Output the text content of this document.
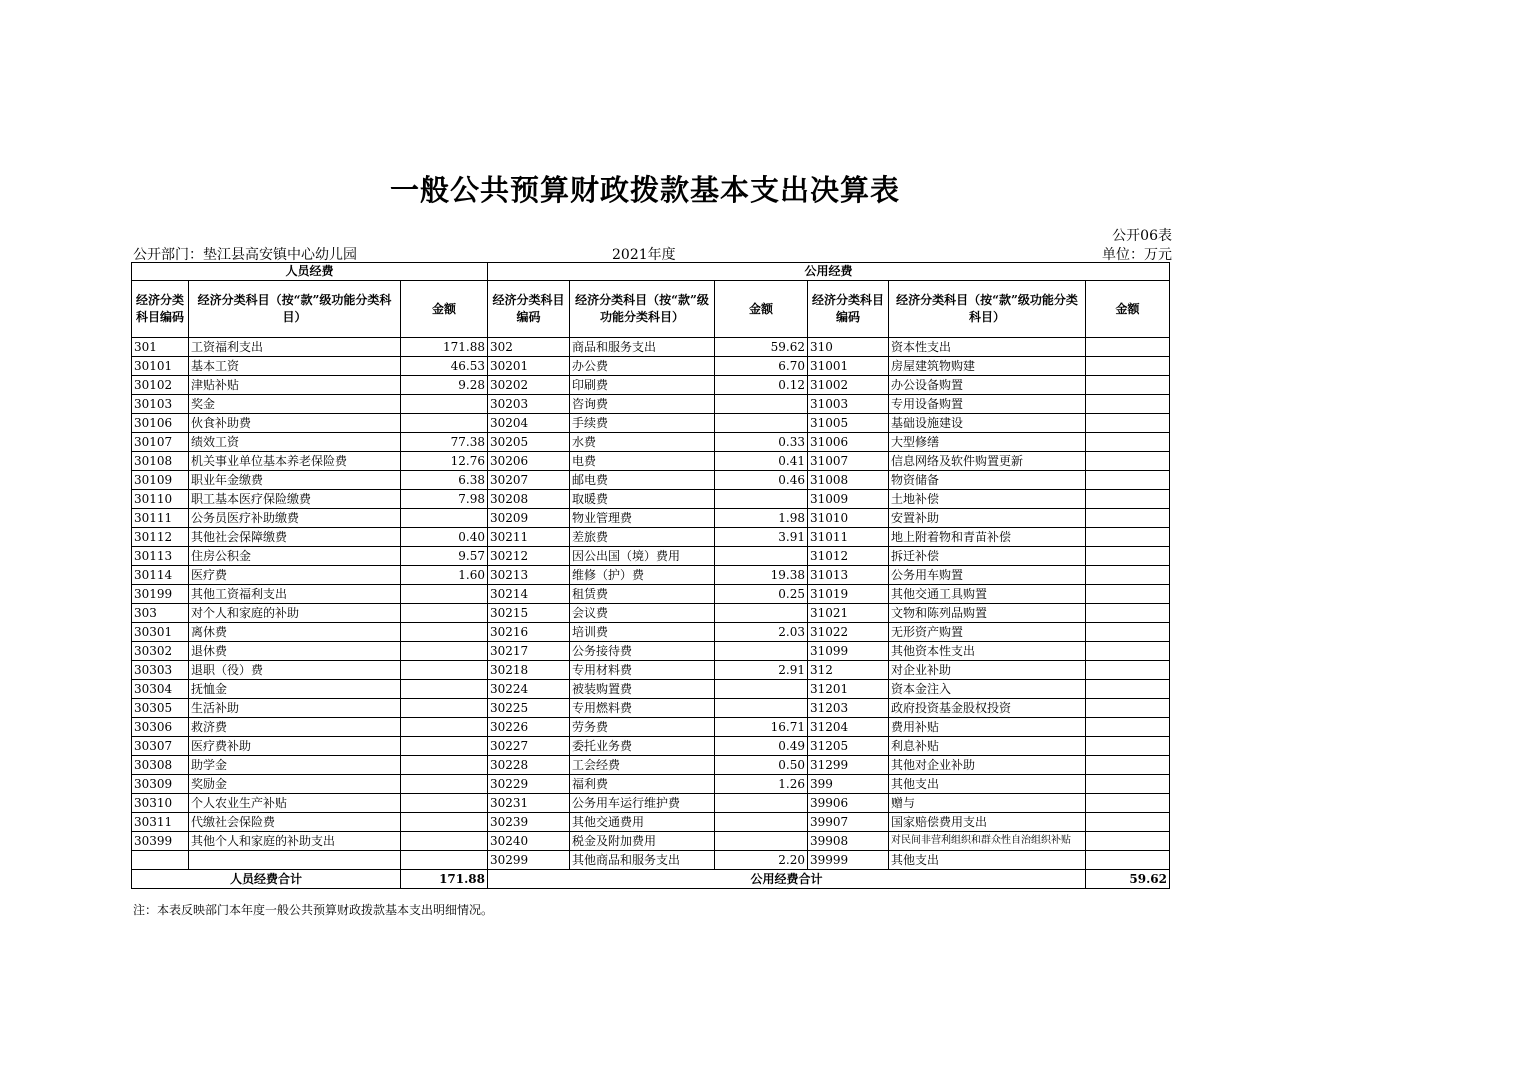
一般公共预算财政拨款基本支出决算表
公开06表
公开部门：垫江县高安镇中心幼儿园	2021年度	单位：万元
人员经费			公用经费					
经济分类科目编码	经济分类科目（按“款”级功能分类科目）	金额	经济分类科目编码	经济分类科目（按“款”级功能分类科目）	金额	经济分类科目编码	经济分类科目（按“款”级功能分类科目）	金额
301	工资福利支出	171.88	302	商品和服务支出	59.62	310	资本性支出	
30101	基本工资	46.53	30201	办公费	6.70	31001	房屋建筑物购建	
30102	津贴补贴	9.28	30202	印刷费	0.12	31002	办公设备购置	
30103	奖金		30203	咨询费		31003	专用设备购置	
30106	伙食补助费		30204	手续费		31005	基础设施建设	
30107	绩效工资	77.38	30205	水费	0.33	31006	大型修缮	
30108	机关事业单位基本养老保险费	12.76	30206	电费	0.41	31007	信息网络及软件购置更新	
30109	职业年金缴费	6.38	30207	邮电费	0.46	31008	物资储备	
30110	职工基本医疗保险缴费	7.98	30208	取暖费		31009	土地补偿	
30111	公务员医疗补助缴费		30209	物业管理费	1.98	31010	安置补助	
30112	其他社会保障缴费	0.40	30211	差旅费	3.91	31011	地上附着物和青苗补偿	
30113	住房公积金	9.57	30212	因公出国（境）费用		31012	拆迁补偿	
30114	医疗费	1.60	30213	维修（护）费	19.38	31013	公务用车购置	
30199	其他工资福利支出		30214	租赁费	0.25	31019	其他交通工具购置	
303	对个人和家庭的补助		30215	会议费		31021	文物和陈列品购置	
30301	离休费		30216	培训费	2.03	31022	无形资产购置	
30302	退休费		30217	公务接待费		31099	其他资本性支出	
30303	退职（役）费		30218	专用材料费	2.91	312	对企业补助	
30304	抚恤金		30224	被装购置费		31201	资本金注入	
30305	生活补助		30225	专用燃料费		31203	政府投资基金股权投资	
30306	救济费		30226	劳务费	16.71	31204	费用补贴	
30307	医疗费补助		30227	委托业务费	0.49	31205	利息补贴	
30308	助学金		30228	工会经费	0.50	31299	其他对企业补助	
30309	奖励金		30229	福利费	1.26	399	其他支出	
30310	个人农业生产补贴		30231	公务用车运行维护费		39906	赠与	
30311	代缴社会保险费		30239	其他交通费用		39907	国家赔偿费用支出	
30399	其他个人和家庭的补助支出		30240	税金及附加费用		39908	对民间非营利组织和群众性自治组织补贴	
			30299	其他商品和服务支出	2.20	39999	其他支出	
人员经费合计		171.88	公用经费合计					59.62
注：本表反映部门本年度一般公共预算财政拨款基本支出明细情况。
